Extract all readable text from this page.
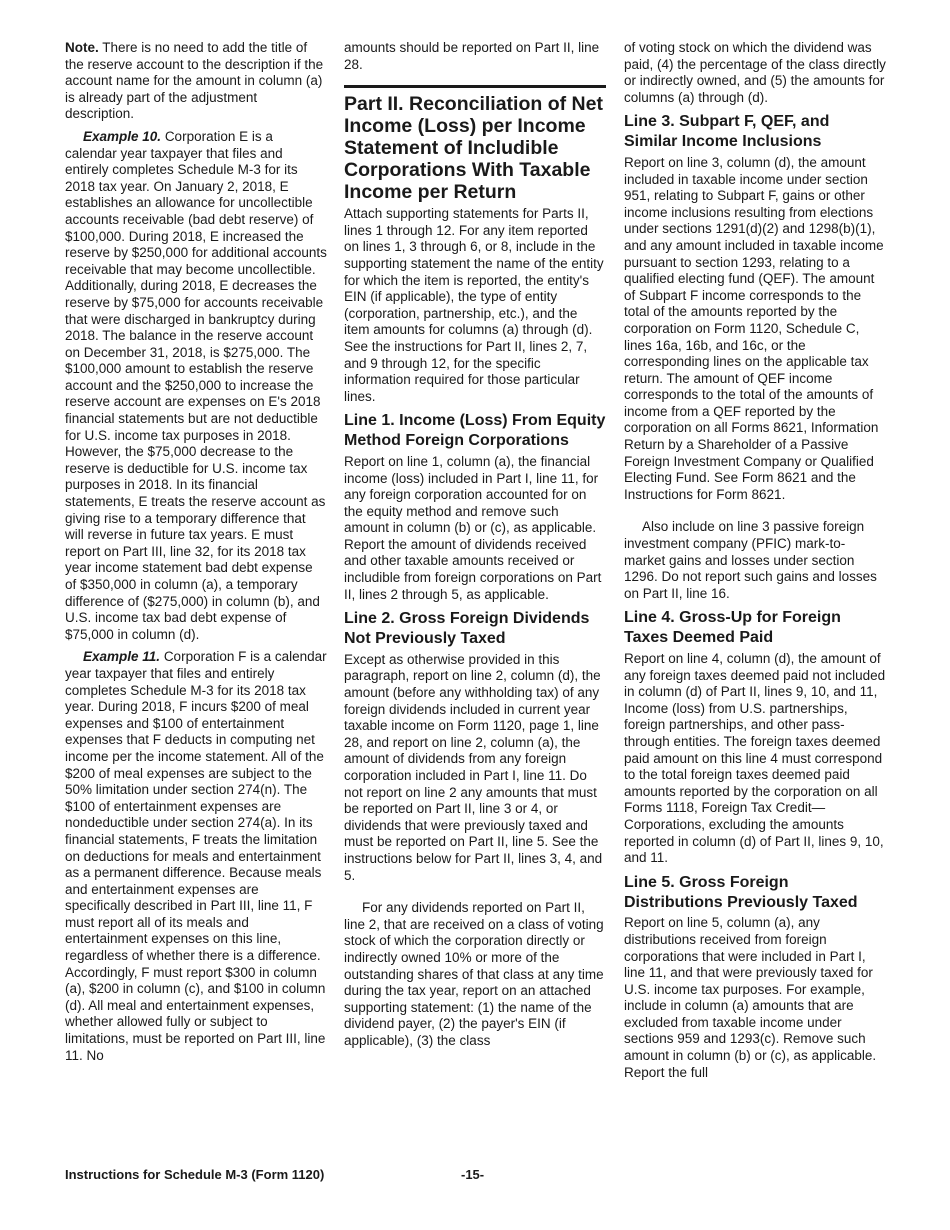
Note. There is no need to add the title of the reserve account to the description if the account name for the amount in column (a) is already part of the adjustment description.

Example 10. Corporation E is a calendar year taxpayer that files and entirely completes Schedule M-3 for its 2018 tax year. On January 2, 2018, E establishes an allowance for uncollectible accounts receivable (bad debt reserve) of $100,000. During 2018, E increased the reserve by $250,000 for additional accounts receivable that may become uncollectible. Additionally, during 2018, E decreases the reserve by $75,000 for accounts receivable that were discharged in bankruptcy during 2018. The balance in the reserve account on December 31, 2018, is $275,000. The $100,000 amount to establish the reserve account and the $250,000 to increase the reserve account are expenses on E's 2018 financial statements but are not deductible for U.S. income tax purposes in 2018. However, the $75,000 decrease to the reserve is deductible for U.S. income tax purposes in 2018. In its financial statements, E treats the reserve account as giving rise to a temporary difference that will reverse in future tax years. E must report on Part III, line 32, for its 2018 tax year income statement bad debt expense of $350,000 in column (a), a temporary difference of ($275,000) in column (b), and U.S. income tax bad debt expense of $75,000 in column (d).

Example 11. Corporation F is a calendar year taxpayer that files and entirely completes Schedule M-3 for its 2018 tax year. During 2018, F incurs $200 of meal expenses and $100 of entertainment expenses that F deducts in computing net income per the income statement. All of the $200 of meal expenses are subject to the 50% limitation under section 274(n). The $100 of entertainment expenses are nondeductible under section 274(a). In its financial statements, F treats the limitation on deductions for meals and entertainment as a permanent difference. Because meals and entertainment expenses are specifically described in Part III, line 11, F must report all of its meals and entertainment expenses on this line, regardless of whether there is a difference. Accordingly, F must report $300 in column (a), $200 in column (c), and $100 in column (d). All meal and entertainment expenses, whether allowed fully or subject to limitations, must be reported on Part III, line 11. No

amounts should be reported on Part II, line 28.

Part II. Reconciliation of Net Income (Loss) per Income Statement of Includible Corporations With Taxable Income per Return

Attach supporting statements for Parts II, lines 1 through 12. For any item reported on lines 1, 3 through 6, or 8, include in the supporting statement the name of the entity for which the item is reported, the entity's EIN (if applicable), the type of entity (corporation, partnership, etc.), and the item amounts for columns (a) through (d). See the instructions for Part II, lines 2, 7, and 9 through 12, for the specific information required for those particular lines.

Line 1. Income (Loss) From Equity Method Foreign Corporations

Report on line 1, column (a), the financial income (loss) included in Part I, line 11, for any foreign corporation accounted for on the equity method and remove such amount in column (b) or (c), as applicable. Report the amount of dividends received and other taxable amounts received or includible from foreign corporations on Part II, lines 2 through 5, as applicable.

Line 2. Gross Foreign Dividends Not Previously Taxed

Except as otherwise provided in this paragraph, report on line 2, column (d), the amount (before any withholding tax) of any foreign dividends included in current year taxable income on Form 1120, page 1, line 28, and report on line 2, column (a), the amount of dividends from any foreign corporation included in Part I, line 11. Do not report on line 2 any amounts that must be reported on Part II, line 3 or 4, or dividends that were previously taxed and must be reported on Part II, line 5. See the instructions below for Part II, lines 3, 4, and 5.

For any dividends reported on Part II, line 2, that are received on a class of voting stock of which the corporation directly or indirectly owned 10% or more of the outstanding shares of that class at any time during the tax year, report on an attached supporting statement: (1) the name of the dividend payer, (2) the payer's EIN (if applicable), (3) the class

of voting stock on which the dividend was paid, (4) the percentage of the class directly or indirectly owned, and (5) the amounts for columns (a) through (d).

Line 3. Subpart F, QEF, and Similar Income Inclusions

Report on line 3, column (d), the amount included in taxable income under section 951, relating to Subpart F, gains or other income inclusions resulting from elections under sections 1291(d)(2) and 1298(b)(1), and any amount included in taxable income pursuant to section 1293, relating to a qualified electing fund (QEF). The amount of Subpart F income corresponds to the total of the amounts reported by the corporation on Form 1120, Schedule C, lines 16a, 16b, and 16c, or the corresponding lines on the applicable tax return. The amount of QEF income corresponds to the total of the amounts of income from a QEF reported by the corporation on all Forms 8621, Information Return by a Shareholder of a Passive Foreign Investment Company or Qualified Electing Fund. See Form 8621 and the Instructions for Form 8621.

Also include on line 3 passive foreign investment company (PFIC) mark-to-market gains and losses under section 1296. Do not report such gains and losses on Part II, line 16.

Line 4. Gross-Up for Foreign Taxes Deemed Paid

Report on line 4, column (d), the amount of any foreign taxes deemed paid not included in column (d) of Part II, lines 9, 10, and 11, Income (loss) from U.S. partnerships, foreign partnerships, and other pass-through entities. The foreign taxes deemed paid amount on this line 4 must correspond to the total foreign taxes deemed paid amounts reported by the corporation on all Forms 1118, Foreign Tax Credit—Corporations, excluding the amounts reported in column (d) of Part II, lines 9, 10, and 11.

Line 5. Gross Foreign Distributions Previously Taxed

Report on line 5, column (a), any distributions received from foreign corporations that were included in Part I, line 11, and that were previously taxed for U.S. income tax purposes. For example, include in column (a) amounts that are excluded from taxable income under sections 959 and 1293(c). Remove such amount in column (b) or (c), as applicable. Report the full

Instructions for Schedule M-3 (Form 1120)	-15-
